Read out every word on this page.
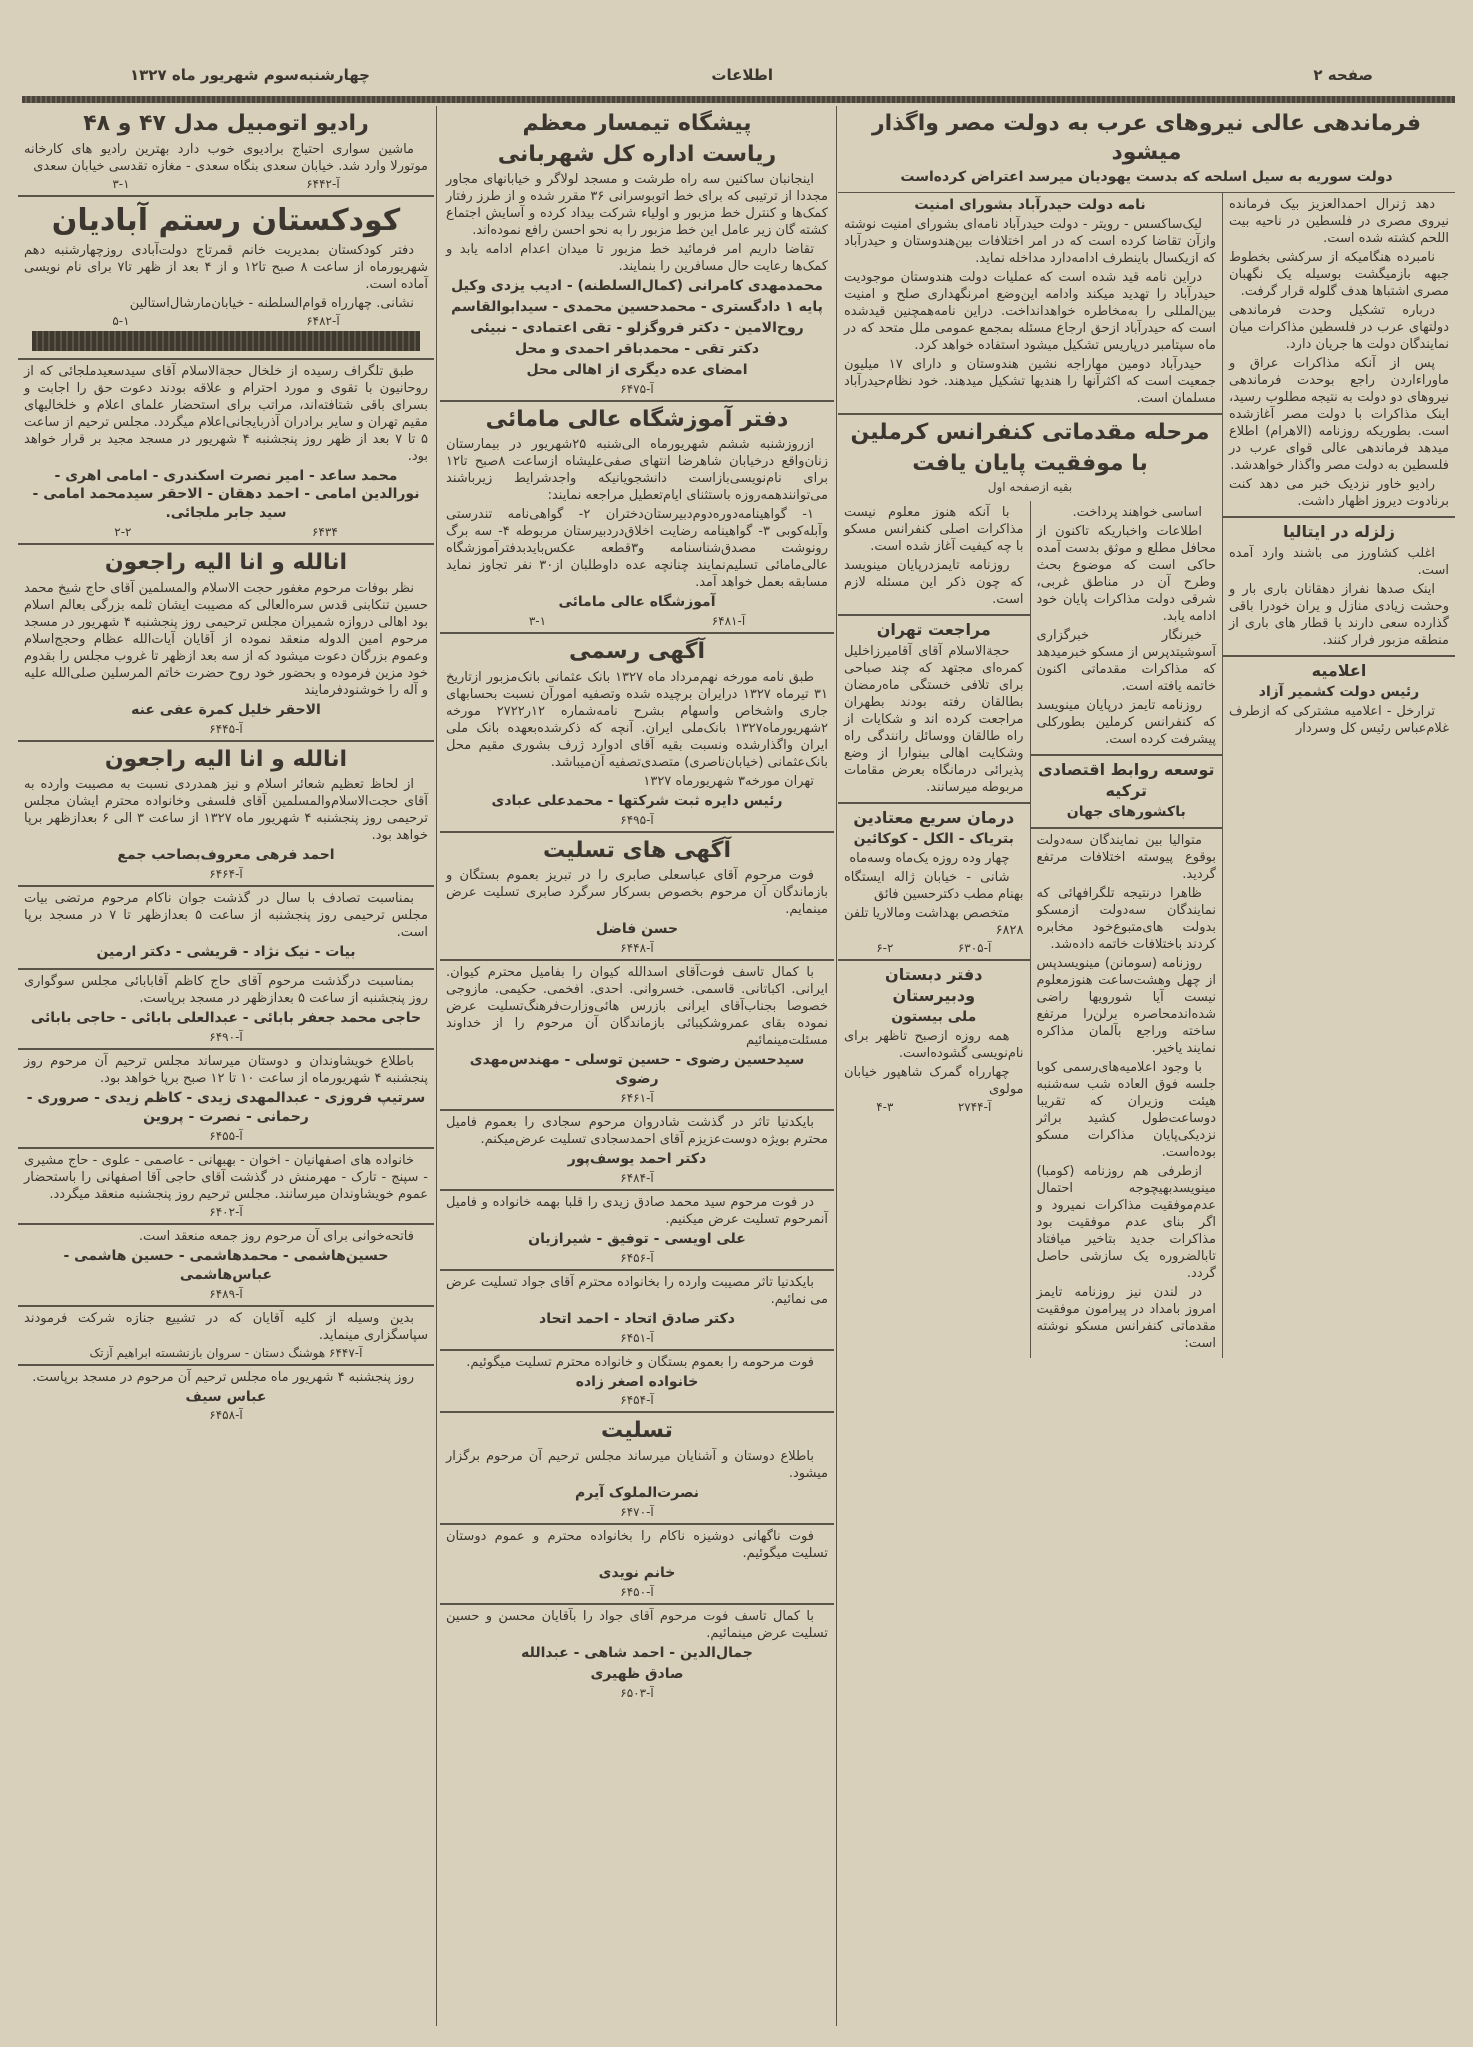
صفحه ۲
اطلاعات
چهارشنبه‌سوم شهریور ماه ۱۳۲۷
فرماندهی عالی نیروهای عرب به دولت مصر واگذار میشود
دولت سوریه به سیل اسلحه که بدست یهودیان میرسد اعتراض کرده‌است

دهد ژنرال احمدالعزیز بیک فرمانده نیروی مصری در فلسطین در ناحیه بیت اللحم کشته شده است.

نامبرده هنگامیکه از سرکشی بخطوط جبهه بازمیگشت بوسیله یک نگهبان مصری اشتباها هدف گلوله قرار گرفت.

درباره تشکیل وحدت فرماندهی دولتهای عرب در فلسطین مذاکرات میان نمایندگان دولت ها جریان دارد.

پس از آنکه مذاکرات عراق و ماوراءاردن راجع بوحدت فرماندهی نیروهای دو دولت به نتیجه مطلوب رسید، اینک مذاکرات با دولت مصر آغازشده است. بطوریکه روزنامه (الاهرام) اطلاع میدهد فرماندهی عالی قوای عرب در فلسطین به دولت مصر واگذار خواهدشد.

رادیو خاور نزدیک خبر می دهد کنت برنادوت دیروز اظهار داشت.

زلزله در ایتالیا

اغلب کشاورز می باشند وارد آمده است.

اینک صدها نفراز دهقانان باری بار و وحشت زیادی منازل و یران خودرا باقی گذارده سعی دارند با قطار های باری از منطقه مزبور فرار کنند.

اعلامیه
رئیس دولت کشمیر آزاد

ترارخل - اعلامیه مشترکی که ازطرف غلام‌عباس رئیس کل وسردار

نامه دولت حیدرآباد بشورای امنیت

لیک‌ساکسس - رویتر - دولت حیدرآباد نامه‌ای بشورای امنیت نوشته وازآن تقاضا کرده است که در امر اختلافات بین‌هندوستان و حیدرآباد که ازیکسال باینطرف ادامه‌دارد مداخله نماید.

دراین نامه قید شده است که عملیات دولت هندوستان موجودیت حیدرآباد را تهدید میکند وادامه این‌وضع امرنگهداری صلح و امنیت بین‌المللی را به‌مخاطره خواهدانداخت. دراین نامه‌همچنین قیدشده است که حیدرآباد ازحق ارجاع مسئله بمجمع عمومی ملل متحد که در ماه سپتامبر درپاریس تشکیل میشود استفاده خواهد کرد.

حیدرآباد دومین مهاراجه نشین هندوستان و دارای ۱۷ میلیون جمعیت است که اکثرآنها را هندیها تشکیل میدهند. خود نظام‌حیدرآباد مسلمان است.

مرحله مقدماتی کنفرانس کرملین
با موفقیت پایان یافت
بقیه ازصفحه اول

اساسی خواهند پرداخت.

اطلاعات واخباریکه تاکنون از محافل مطلع و موثق بدست آمده حاکی است که موضوع بحث وطرح آن در مناطق غربی، شرقی دولت مذاکرات پایان خود ادامه یابد.

خبرنگار خبرگزاری آسوشیتدپرس از مسکو خبرمیدهد که مذاکرات مقدماتی اکنون خاتمه یافته است.

روزنامه تایمز درپایان مینویسد که کنفرانس کرملین بطورکلی پیشرفت کرده است.

توسعه روابط اقتصادی ترکیه
باکشورهای جهان

متوالیا بین نمایندگان سه‌دولت بوقوع پیوسته اختلافات مرتفع گردید.

ظاهرا درنتیجه تلگرافهائی که نمایندگان سه‌دولت ازمسکو بدولت های‌متبوع‌خود مخابره کردند باختلافات خاتمه داده‌شد.

روزنامه (سومانن) مینویسد‌پس از چهل وهشت‌ساعت هنوزمعلوم نیست آیا شورویها راضی شده‌اندمحاصره برلن‌را مرتفع ساخته وراجع بآلمان مذاکره نمایند یاخیر.

با وجود اعلامیه‌های‌رسمی کوبا جلسه فوق العاده شب سه‌شنبه هیئت وزیران که تقریبا دوساعت‌طول کشید براثر نزدیکی‌پایان مذاکرات مسکو بوده‌است.

ازطرفی هم روزنامه (کومبا) مینویسد‌بهیچوجه احتمال عدم‌موفقیت مذاکرات نمیرود و اگر بنای عدم موفقیت بود مذاکرات جدید بتاخیر میافتاد تابالضروره یک سازشی حاصل گردد.

در لندن نیز روزنامه تایمز امروز بامداد در پیرامون موفقیت مقدماتی کنفرانس مسکو نوشته است:

با آنکه هنوز معلوم نیست مذاکرات اصلی کنفرانس مسکو با چه کیفیت آغاز شده است.

روزنامه تایمزدرپایان مینویسد که چون ذکر این مسئله لازم است.

مراجعت تهران

حجةالاسلام آقای آقامیرزاخلیل کمره‌ای مجتهد که چند صباحی برای تلافی خستگی ماه‌رمضان بطالقان رفته بودند بطهران مراجعت کرده اند و شکایات از راه طالقان ووسائل رانندگی راه وشکایت اهالی بینوارا از وضع پذیرائی درمانگاه بعرض مقامات مربوطه میرسانند.

درمان سریع معتادین
بتریاک - الکل - کوکائین

چهار وده روزه یک‌ماه وسه‌ماه

شانی - خیابان ژاله ایستگاه بهنام مطب دکترحسین فائق

متخصص بهداشت ومالاریا تلفن ۶۸۲۸

آ-۶۳۰۵
۶-۲
دفتر دبستان ودبیرستان
ملی بیستون

همه روزه ازصبح تاظهر برای نام‌نویسی گشوده‌است.

چهارراه گمرک شاهپور خیابان مولوی

آ-۲۷۴۴
۴-۳
پیشگاه تیمسار معظم
ریاست اداره کل شهربانی

اینجانبان ساکنین سه راه طرشت و مسجد لولاگر و خیابانهای مجاور مجددا از ترتیبی که برای خط اتوبوسرانی ۳۶ مقرر شده و از طرز رفتار کمک‌ها و کنترل خط مزبور و اولیاء شرکت بیداد کرده و آسایش اجتماع کشته گان زیر عامل این خط مزبور را به نحو احسن رافع نموده‌اند.

تقاضا داریم امر فرمائید خط مزبور تا میدان اعدام ادامه یابد و کمک‌ها رعایت حال مسافرین را بنمایند.

محمدمهدی کامرانی (کمال‌السلطنه) - ادیب یزدی وکیل
پایه ۱ دادگستری - محمدحسین محمدی - سیدابوالقاسم
روح‌الامین - دکتر فروگزلو - تقی اعتمادی - نبیئی
دکتر تقی - محمدباقر احمدی و محل
امضای عده دیگری از اهالی محل
آ-۶۴۷۵
دفتر آموزشگاه عالی مامائی

ازروزشنبه ششم شهریورماه الی‌شنبه ۲۵شهریور در بیمارستان زنان‌واقع درخیابان شاهرضا انتهای صفی‌علیشاه ازساعت ۸صبح تا۱۲ برای نام‌نویسی‌بازاست دانشجویانیکه واجدشرایط زیرباشند می‌توانندهمه‌روزه باستثنای ایام‌تعطیل مراجعه نمایند:

۱- گواهینامه‌دوره‌دوم‌دبیرستان‌دختران ۲- گواهی‌نامه تندرستی وآبله‌کوبی ۳- گواهینامه رضایت اخلاق‌دردبیرستان مربوطه ۴- سه برگ رونوشت مصدق‌شناسنامه و۳قطعه عکس‌بایدبدفترآموزشگاه عالی‌مامائی تسلیم‌نمایند چنانچه عده داوطلبان از۳۰ نفر تجاوز نماید مسابقه بعمل خواهد آمد.

آموزشگاه عالی مامائی
آ-۶۴۸۱
۳-۱
آگهی رسمی

طبق نامه مورخه نهم‌مرداد ماه ۱۳۲۷ بانک عثمانی بانک‌مزبور ازتاریخ ۳۱ تیرماه ۱۳۲۷ درایران برچیده شده وتصفیه امورآن نسبت بحسابهای جاری واشخاص واسهام بشرح نامه‌شماره ۱۲ر۲۷۲۲ مورخه ۲شهریورماه۱۳۲۷ بانک‌ملی ایران. آنچه که ذکرشده‌بعهده بانک ملی ایران واگذارشده ونسبت بقیه آقای ادوارد ژرف بشوری مقیم محل بانک‌عثمانی (خیابان‌ناصری) متصدی‌تصفیه آن‌میباشد.

تهران مورخه۳ شهریورماه ۱۳۲۷

رئیس دایره ثبت شرکتها - محمدعلی عبادی
آ-۶۴۹۵
آگهی های تسلیت

فوت مرحوم آقای عباسعلی صابری را در تبریز بعموم بستگان و بازماندگان آن مرحوم بخصوص بسرکار سرگرد صابری تسلیت عرض مینمایم.

حسن فاضل
آ-۶۴۴۸

با کمال تاسف فوت‌آقای اسدالله کیوان را بفامیل محترم کیوان. ایرانی. اکباتانی. قاسمی. خسروانی. احدی. افخمی. حکیمی. مازوجی خصوصا بجناب‌آقای ایرانی بازرس هائی‌وزارت‌فرهنگ‌تسلیت عرض نموده بقای عمروشکیبائی بازماندگان آن مرحوم را از خداوند مسئلت‌مینمائیم

سیدحسین رضوی - حسین توسلی - مهندس‌مهدی رضوی
آ-۶۴۶۱

بایکدنیا تاثر در گذشت شادروان مرحوم سجادی را بعموم فامیل محترم بویژه دوست‌عزیزم آقای احمدسجادی تسلیت عرض‌میکنم.

دکتر احمد یوسف‌پور
آ-۶۴۸۴

در فوت مرحوم سید محمد صادق زیدی را قلبا بهمه خانواده و فامیل آنمرحوم تسلیت عرض میکنیم.

علی اویسی - توفیق - شیرازیان
آ-۶۴۵۶

بایکدنیا تاثر مصیبت وارده را بخانواده محترم آقای جواد تسلیت عرض می نمائیم.

دکتر صادق اتحاد - احمد اتحاد
آ-۶۴۵۱

فوت مرحومه را بعموم بستگان و خانواده محترم تسلیت میگوئیم.

خانواده اصغر زاده
آ-۶۴۵۴
تسلیت

باطلاع دوستان و آشنایان میرساند مجلس ترحیم آن مرحوم برگزار میشود.

نصرت‌الملوک آیرم
آ-۶۴۷۰

فوت ناگهانی دوشیزه ناکام را بخانواده محترم و عموم دوستان تسلیت میگوئیم.

خانم نویدی
آ-۶۴۵۰

با کمال تاسف فوت مرحوم آقای جواد را بآقایان محسن و حسین تسلیت عرض مینمائیم.

جمال‌الدین - احمد شاهی - عبدالله
صادق ظهیری
آ-۶۵۰۳
رادیو اتومبیل مدل ۴۷ و ۴۸

ماشین سواری احتیاج برادیوی خوب دارد بهترین رادیو های کارخانه موتورلا وارد شد. خیابان سعدی بنگاه سعدی - مغازه تقدسی خیابان سعدی

آ-۶۴۴۲
۳-۱
کودکستان رستم آبادیان

دفتر کودکستان بمدیریت خانم قمرتاج دولت‌آبادی روزچهارشنبه دهم شهریورماه از ساعت ۸ صبح تا۱۲ و از ۴ بعد از ظهر تا۷ برای نام نویسی آماده است.

نشانی. چهارراه قوام‌السلطنه - خیابان‌مارشال‌استالین

آ-۶۴۸۲
۵-۱

طبق تلگراف رسیده از خلخال حجةالاسلام آقای سیدسعیدملجائی که از روحانیون با تقوی و مورد احترام و علاقه بودند دعوت حق را اجابت و بسرای باقی شتافته‌اند، مراتب برای استحضار علمای اعلام و خلخالیهای مقیم تهران و سایر برادران آذربایجانی‌اعلام میگردد. مجلس ترحیم از ساعت ۵ تا ۷ بعد از ظهر روز پنجشنبه ۴ شهریور در مسجد مجید بر قرار خواهد بود.

محمد ساعد - امیر نصرت اسکندری - امامی اهری - نورالدین امامی - احمد دهقان - الاحقر سیدمحمد امامی - سید جابر ملجائی.
۶۴۳۴
۲-۲
انالله و انا الیه راجعون

نظر بوفات مرحوم مغفور حجت الاسلام والمسلمین آقای حاج شیخ محمد حسین تنکابنی قدس سره‌العالی که مصیبت ایشان ثلمه بزرگی بعالم اسلام بود اهالی دروازه شمیران مجلس ترحیمی روز پنجشنبه ۴ شهریور در مسجد مرحوم امین الدوله منعقد نموده از آقایان آیات‌الله عظام وحجج‌اسلام وعموم بزرگان دعوت میشود که از سه بعد ازظهر تا غروب مجلس را بقدوم خود مزین فرموده و بحضور خود روح حضرت خاتم المرسلین صلی‌الله علیه و آله را خوشنودفرمایند

الاحقر خلیل کمرة عفی عنه
آ-۶۴۴۵
انالله و انا الیه راجعون

از لحاظ تعظیم شعائر اسلام و نیز همدردی نسبت به مصیبت وارده به آقای حجت‌الاسلام‌والمسلمین آقای فلسفی وخانواده محترم ایشان مجلس ترحیمی روز پنجشنبه ۴ شهریور ماه ۱۳۲۷ از ساعت ۳ الی ۶ بعدازظهر برپا خواهد بود.

احمد فرهی معروف‌بصاحب جمع
آ-۶۴۶۴

بمناسبت تصادف با سال در گذشت جوان ناکام مرحوم مرتضی بیات مجلس ترحیمی روز پنجشنبه از ساعت ۵ بعدازظهر تا ۷ در مسجد برپا است.

بیات - نیک نژاد - قریشی - دکتر ارمین

بمناسبت درگذشت مرحوم آقای حاج کاظم آقابابائی مجلس سوگواری روز پنجشنبه از ساعت ۵ بعدازظهر در مسجد برپاست.

حاجی محمد جعفر بابائی - عبدالعلی بابائی - حاجی بابائی
آ-۶۴۹۰

باطلاع خویشاوندان و دوستان میرساند مجلس ترحیم آن مرحوم روز پنجشنبه ۴ شهریورماه از ساعت ۱۰ تا ۱۲ صبح برپا خواهد بود.

سرتیپ فروزی - عبدالمهدی زیدی - کاظم زیدی - صروری - رحمانی - نصرت - پروین
آ-۶۴۵۵

خانواده های اصفهانیان - اخوان - بهبهانی - عاصمی - علوی - حاج مشیری - سپنج - تارک - مهرمنش در گذشت آقای حاجی آقا اصفهانی را باستحضار عموم خویشاوندان میرسانند. مجلس ترحیم روز پنجشنبه منعقد میگردد.

آ-۶۴۰۲

فاتحه‌خوانی برای آن مرحوم روز جمعه منعقد است.

حسین‌هاشمی - محمدهاشمی - حسین هاشمی - عباس‌هاشمی
آ-۶۴۸۹

بدین وسیله از کلیه آقایان که در تشییع جنازه شرکت فرمودند سپاسگزاری مینماید.

آ-۶۴۴۷ هوشنگ دستان - سروان بازنشسته ابراهیم آزتک

روز پنجشنبه ۴ شهریور ماه مجلس ترحیم آن مرحوم در مسجد برپاست.

عباس سیف
آ-۶۴۵۸
